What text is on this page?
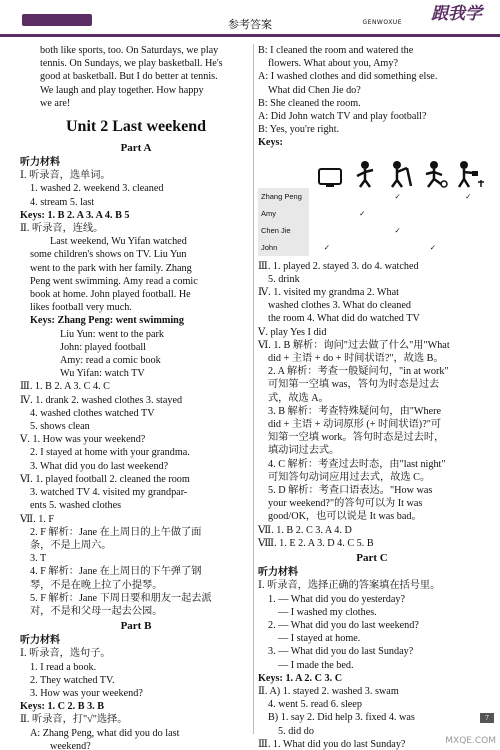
参考答案	GENWOXUE 跟我学
both like sports, too. On Saturdays, we play
tennis. On Sundays, we play basketball. He's
good at basketball. But I do better at tennis.
We laugh and play together. How happy
we are!
Unit 2 Last weekend
Part A
听力材料
Ⅰ. 听录音，选单词。
1. washed 2. weekend 3. cleaned
4. stream 5. last
Keys: 1. B 2. A 3. A 4. B 5
Ⅱ. 听录音，连线。
Last weekend, Wu Yifan watched
some children's shows on TV. Liu Yun
went to the park with her family. Zhang
Peng went swimming. Amy read a comic
book at home. John played football. He
likes football very much.
Keys: Zhang Peng: went swimming
Liu Yun: went to the park
John: played football
Amy: read a comic book
Wu Yifan: watch TV
Ⅲ. 1. B 2. A 3. C 4. C
Ⅳ. 1. drank 2. washed clothes 3. stayed
4. washed clothes watched TV
5. shows clean
Ⅴ. 1. How was your weekend?
2. I stayed at home with your grandma.
3. What did you do last weekend?
Ⅵ. 1. played football 2. cleaned the room
3. watched TV 4. visited my grandpar-
ents 5. washed clothes
Ⅶ. 1. F
2. F 解析：Jane 在上周日的上午做了面
条，不是上周六。
3. T
4. F 解析：Jane 在上周日的下午弹了钢
琴，不是在晚上拉了小提琴。
5. F 解析：Jane 下周日要和朋友一起去派
对，不是和父母一起去公园。
Part B
听力材料
Ⅰ. 听录音，选句子。
1. I read a book.
2. They watched TV.
3. How was your weekend?
Keys: 1. C 2. B 3. B
Ⅱ. 听录音，打"√"选择。
A: Zhang Peng, what did you do last
weekend?
B: I cleaned the room and watered the
flowers. What about you, Amy?
A: I washed clothes and did something else.
What did Chen Jie do?
B: She cleaned the room.
A: Did John watch TV and play football?
B: Yes, you're right.
Keys:
Zhang Peng			✓		✓
Amy		✓			
Chen Jie			✓		
John	✓			✓	
Ⅲ. 1. played 2. stayed 3. do 4. watched
5. drink
Ⅳ. 1. visited my grandma 2. What
washed clothes 3. What do cleaned
the room 4. What did do watched TV
Ⅴ. play Yes I did
Ⅵ. 1. B 解析：询问"过去做了什么"用"What
did + 主语 + do + 时间状语?"，故选 B。
2. A 解析：考查一般疑问句，"in at work"
可知第一空填 was，答句为时态是过去
式，故选 A。
3. B 解析：考查特殊疑问句，由"Where
did + 主语 + 动词原形 (+ 时间状语)?"可
知第一空填 work。答句时态是过去时，
填动词过去式。
4. C 解析：考查过去时态，由"last night"
可知答句动词应用过去式，故选 C。
5. D 解析：考查口语表达。"How was
your weekend?"的答句可以为 It was
good/OK，也可以说是 It was bad。
Ⅶ. 1. B 2. C 3. A 4. D
Ⅷ. 1. E 2. A 3. D 4. C 5. B
Part C
听力材料
Ⅰ. 听录音，选择正确的答案填在括号里。
1. — What did you do yesterday?
— I washed my clothes.
2. — What did you do last weekend?
— I stayed at home.
3. — What did you do last Sunday?
— I made the bed.
Keys: 1. A 2. C 3. C
Ⅱ. A) 1. stayed 2. washed 3. swam
4. went 5. read 6. sleep
B) 1. say 2. Did help 3. fixed 4. was
5. did do
Ⅲ. 1. What did you do last Sunday?
7
MXQE.COM
